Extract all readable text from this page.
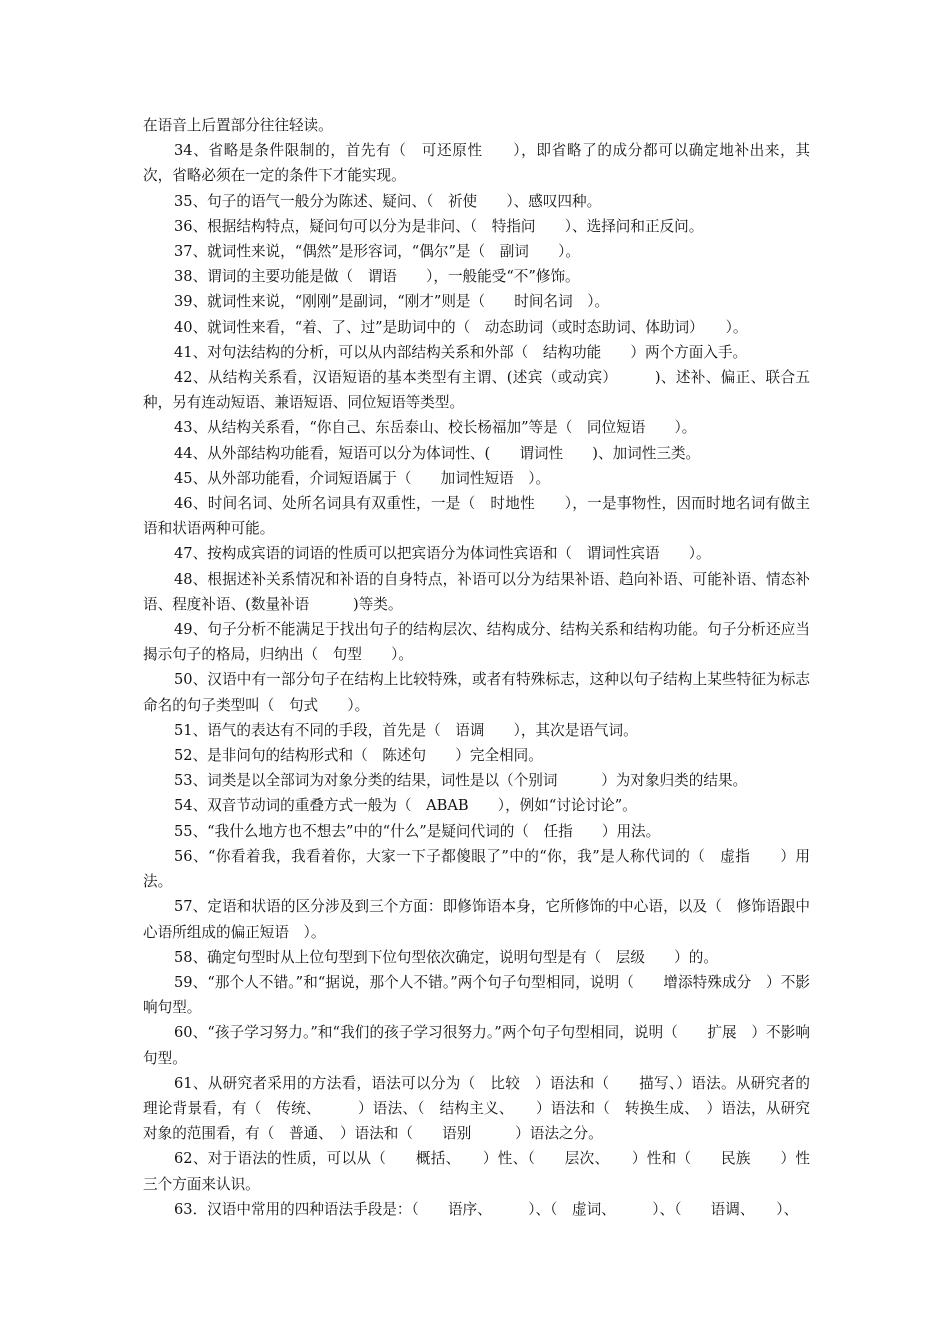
在语音上后置部分往往轻读。

34、省略是条件限制的，首先有（　可还原性　　），即省略了的成分都可以确定地补出来，其次，省略必须在一定的条件下才能实现。

35、句子的语气一般分为陈述、疑问、（　祈使　　）、感叹四种。

36、根据结构特点，疑问句可以分为是非问、（　特指问　　）、选择问和正反问。

37、就词性来说，“偶然”是形容词，“偶尔”是（　副词　　）。

38、谓词的主要功能是做（　谓语　　），一般能受“不”修饰。

39、就词性来说，“刚刚”是副词，“刚才”则是（　　时间名词　）。

40、就词性来看，“着、了、过”是助词中的（　动态助词（或时态助词、体助词）　　）。

41、对句法结构的分析，可以从内部结构关系和外部（　结构功能　　）两个方面入手。

42、从结构关系看，汉语短语的基本类型有主谓、(述宾（或动宾）　　　)、述补、偏正、联合五种，另有连动短语、兼语短语、同位短语等类型。

43、从结构关系看，“你自己、东岳泰山、校长杨福加”等是（　同位短语　　）。

44、从外部结构功能看，短语可以分为体词性、(　　谓词性　　)、加词性三类。

45、从外部功能看，介词短语属于（　　加词性短语　）。

46、时间名词、处所名词具有双重性，一是（　时地性　　），一是事物性，因而时地名词有做主语和状语两种可能。

47、按构成宾语的词语的性质可以把宾语分为体词性宾语和（　谓词性宾语　　）。

48、根据述补关系情况和补语的自身特点，补语可以分为结果补语、趋向补语、可能补语、情态补语、程度补语、(数量补语　　　)等类。

49、句子分析不能满足于找出句子的结构层次、结构成分、结构关系和结构功能。句子分析还应当揭示句子的格局，归纳出（　句型　　）。

50、汉语中有一部分句子在结构上比较特殊，或者有特殊标志，这种以句子结构上某些特征为标志命名的句子类型叫（　句式　　）。

51、语气的表达有不同的手段，首先是（　语调　　），其次是语气词。

52、是非问句的结构形式和（　陈述句　　）完全相同。

53、词类是以全部词为对象分类的结果，词性是以（个别词　　　）为对象归类的结果。

54、双音节动词的重叠方式一般为（　ABAB　　），例如“讨论讨论”。

55、“我什么地方也不想去”中的“什么”是疑问代词的（　任指　　）用法。

56、“你看着我，我看着你，大家一下子都傻眼了”中的“你，我”是人称代词的（　虚指　　）用法。

57、定语和状语的区分涉及到三个方面：即修饰语本身，它所修饰的中心语，以及（　修饰语跟中心语所组成的偏正短语　）。

58、确定句型时从上位句型到下位句型依次确定，说明句型是有（　层级　　）的。

59、“那个人不错。”和“据说，那个人不错。”两个句子句型相同，说明（　　增添特殊成分　）不影响句型。

60、“孩子学习努力。”和“我们的孩子学习很努力。”两个句子句型相同，说明（　　扩展　）不影响句型。

61、从研究者采用的方法看，语法可以分为（　比较　）语法和（　　描写、）语法。从研究者的理论背景看，有（　传统、　　　）语法、（　结构主义、　　）语法和（　转换生成、　）语法，从研究对象的范围看，有（　普通、　）语法和（　　语别　　　）语法之分。

62、对于语法的性质，可以从（　　概括、　　）性、（　　层次、　　）性和（　　民族　　）性三个方面来认识。

63．汉语中常用的四种语法手段是：（　　语序、　　　）、（　虚词、　　　）、（　　语调、　　）、
